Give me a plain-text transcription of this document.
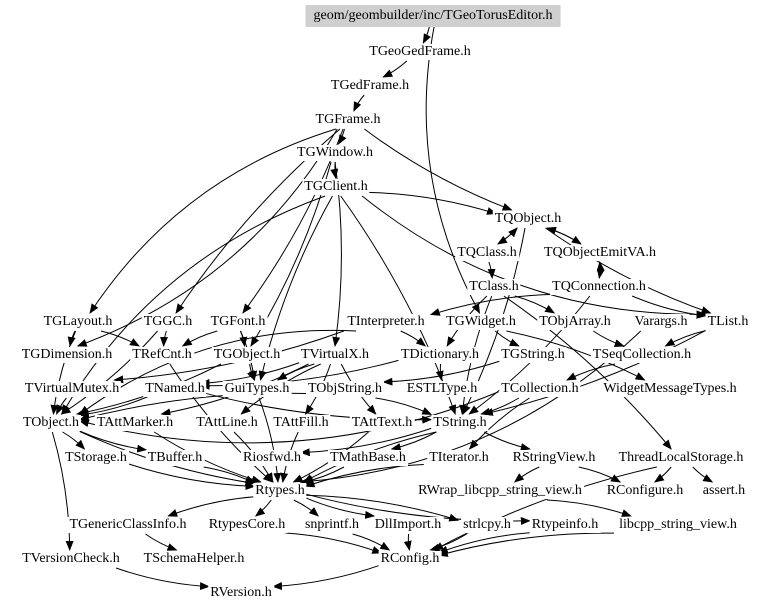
geom/geombuilder/inc/TGeoTorusEditor.h
TGeoGedFrame.h
TGedFrame.h
TGFrame.h
TGWindow.h
TGClient.h
TQObject.h
TQClass.h TQObjectEmitVA.h
TClass.h TQConnection.h
TGLayout.h TGGC.h TGFont.h	TInterpreter.h TGWidget.h TObjArray.h Varargs.h TList.h
TGDimension.h TRefCnt.h TGObject.h TVirtualX.h TDictionary.h TGString.h TSeqCollection.h
TVirtualMutex.h TNamed.h GuiTypes.h TObjString.h ESTLType.h TCollection.h WidgetMessageTypes.h
TObject.h TAttMarker.h TAttLine.h TAttFill.h TAttText.h TString.h
TStorage.h TBuffer.h	Riosfwd.h TMathBase.h TIterator.h RStringView.h ThreadLocalStorage.h
Rtypes.h	RWrap_libcpp_string_view.h RConfigure.h assert.h
TGenericClassInfo.h RtypesCore.h snprintf.h DllImport.h strlcpy.h Rtypeinfo.h libcpp_string_view.h
TVersionCheck.h TSchemaHelper.h	RConfig.h
RVersion.h
